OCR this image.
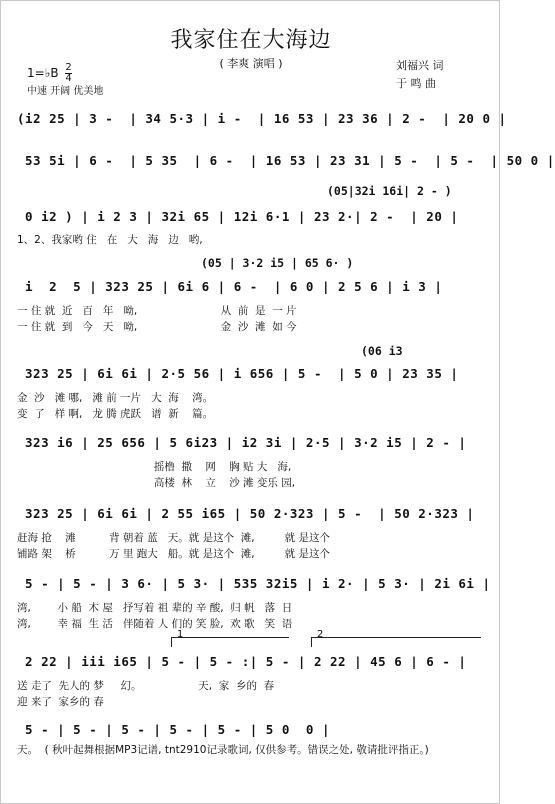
我家住在大海边
( 李爽 演唱 )	刘福兴 词
于 鸣 曲
1=♭B $\frac{2}{4}$
中速 开阔 优美地
(i2 25 | 3 -  | 34 5·3 | i -  | 16 53 | 23 36 | 2 -  | 20 0 |
53 5i | 6 -  | 5 35  | 6 -  | 16 53 | 23 31 | 5 -  | 5 -  | 50 0 |
(05|32i 16i| 2 - )
0 i2 ) | i 2 3 | 32i 65 | 12i 6·1 | 23 2·| 2 -  | 20 |
1、2、我家哟 住   在   大   海   边   哟,
(05 | 3·2 i5 | 65 6· )
i  2  5 | 323 25 | 6i 6 | 6 -  | 6 0 | 2 5 6 | i 3 |
一 住 就  近   百   年   呦,                         从  前  是  一 片
一 住 就  到   今   天   呦,                         金  沙  滩  如 今
(06 i3
323 25 | 6i 6i | 2·5 56 | i 656 | 5 -  | 5 0 | 23 35 |
金  沙   滩 哪,   滩 前 一片   大  海    湾。
变  了   样 啊,   龙 腾 虎跃   谱  新    篇。
323 i6 | 25 656 | 5 6i23 | i2 3i | 2·5 | 3·2 i5 | 2 - |
摇橹  撒    网    胸 贴 大   海,
高楼  林    立    沙 滩 变乐 园,
323 25 | 6i 6i | 2 55 i65 | 50 2·323 | 5 -  | 50 2·323 |
赶海 抢    滩          背 朝着 蓝   天。就 是这个  滩,         就 是这个
铺路 架    桥          万 里 跑大   船。就 是这个  滩,         就 是这个
5 - | 5 - | 3 6· | 5 3· | 535 32i5 | i 2· | 5 3· | 2i 6i |
湾,        小 船  木 屋   抒写着 祖 辈的 辛 酸,  归 帆   落  日
湾,        幸 福  生 活   伴随着 人 们的 笑 脸,  欢 歌   笑  语
1	2
2 22 | iii i65 | 5 - | 5 - :| 5 - | 2 22 | 45 6 | 6 - |
送 走了  先人的 梦     幻。                 天,  家  乡的  春
迎 来了  家乡的 春
5 - | 5 - | 5 - | 5 - | 5 - | 5 0  0 |
天。  ( 秋叶起舞根据MP3记谱, tnt2910记录歌词, 仅供参考。错误之处, 敬请批评指正。)
